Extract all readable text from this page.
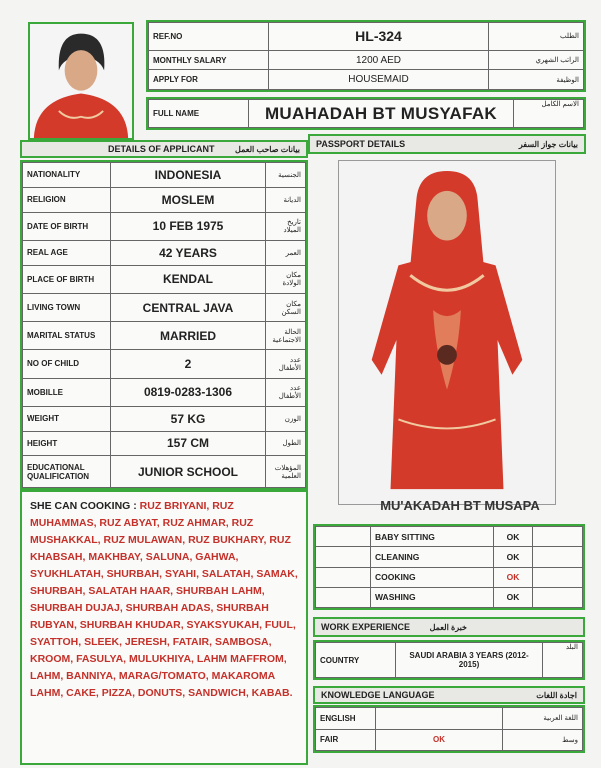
REF.NO	HL-324	الطلب
MONTHLY SALARY	1200 AED	الراتب الشهري
APPLY FOR	HOUSEMAID	الوظيفة
FULL NAME	MUAHADAH BT MUSYAFAK	الاسم الكامل
DETAILS OF APPLICANT	بيانات صاحب العمل PASSPORT DETAILS	بيانات جواز السفر
NATIONALITY	INDONESIA	الجنسية
RELIGION	MOSLEM	الديانة
DATE OF BIRTH	10 FEB 1975	تاريخ الميلاد
REAL AGE	42 YEARS	العمر
PLACE OF BIRTH	KENDAL	مكان الولادة
LIVING TOWN	CENTRAL JAVA	مكان السكن
MARITAL STATUS	MARRIED	الحالة الاجتماعية
NO OF CHILD	2	عدد الأطفال
MOBILLE	0819-0283-1306	عدد الأطفال
WEIGHT	57 KG	الوزن
HEIGHT	157 CM	الطول
EDUCATIONAL QUALIFICATION	JUNIOR SCHOOL	المؤهلات العلمية
MU'AKADAH BT MUSAPA
SHE CAN COOKING : RUZ BRIYANI, RUZ MUHAMMAS, RUZ ABYAT, RUZ AHMAR, RUZ MUSHAKKAL, RUZ MULAWAN, RUZ BUKHARY, RUZ KHABSAH, MAKHBAY, SALUNA, GAHWA, SYUKHLATAH, SHURBAH, SYAHI, SALATAH, SAMAK, SHURBAH, SALATAH HAAR, SHURBAH LAHM, SHURBAH DUJAJ, SHURBAH ADAS, SHURBAH RUBYAN, SHURBAH KHUDAR, SYAKSYUKAH, FUUL, SYATTOH, SLEEK, JERESH, FATAIR, SAMBOSA, KROOM, FASULYA, MULUKHIYA, LAHM MAFFROM, LAHM, BANNIYA, MARAG/TOMATO, MAKAROMA LAHM, CAKE, PIZZA, DONUTS, SANDWICH, KABAB.
	BABY SITTING	OK	
	CLEANING	OK	
	COOKING	OK	
	WASHING	OK	
WORK EXPERIENCE خبرة العمل
COUNTRY	SAUDI ARABIA 3 YEARS (2012-2015)	البلد
KNOWLEDGE LANGUAGE	اجادة اللغات
ENGLISH		اللغة العربية
FAIR	OK	وسط
